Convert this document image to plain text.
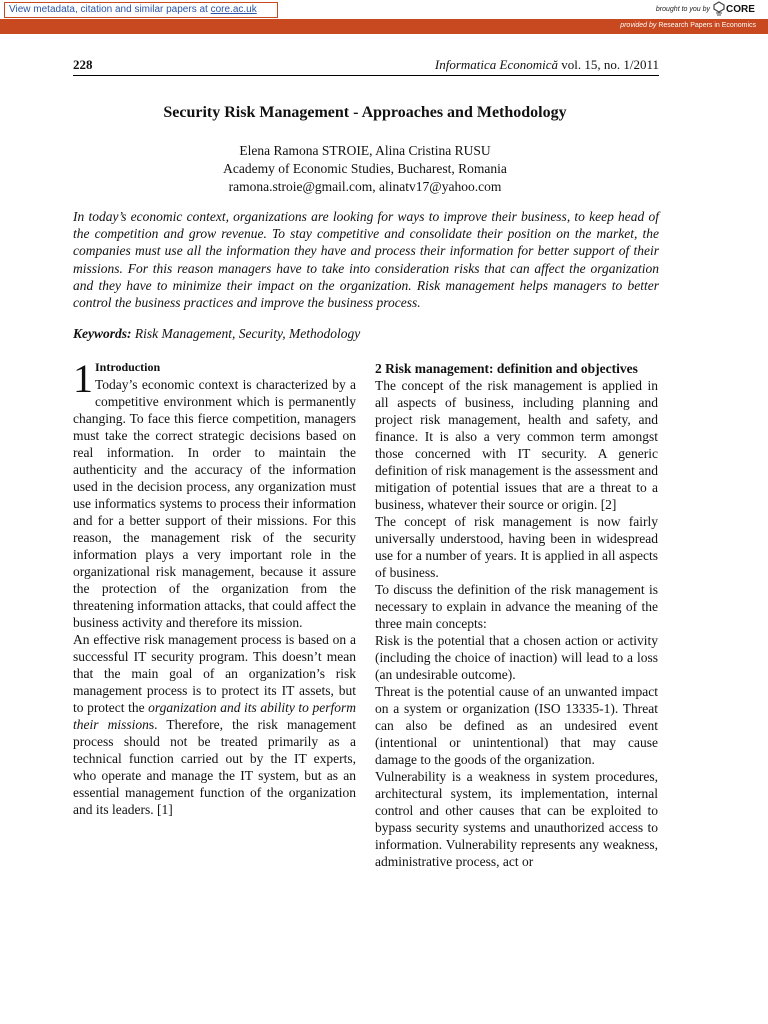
View metadata, citation and similar papers at core.ac.uk	brought to you by CORE
provided by Research Papers in Economics
228	Informatica Economică vol. 15, no. 1/2011
Security Risk Management - Approaches and Methodology
Elena Ramona STROIE, Alina Cristina RUSU
Academy of Economic Studies, Bucharest, Romania
ramona.stroie@gmail.com, alinatv17@yahoo.com
In today’s economic context, organizations are looking for ways to improve their business, to keep head of the competition and grow revenue. To stay competitive and consolidate their position on the market, the companies must use all the information they have and process their information for better support of their missions. For this reason managers have to take into consideration risks that can affect the organization and they have to minimize their impact on the organization. Risk management helps managers to better control the business practices and improve the business process.
Keywords: Risk Management, Security, Methodology
1 Introduction

Today’s economic context is characterized by a competitive environment which is permanently changing. To face this fierce competition, managers must take the correct strategic decisions based on real information. In order to maintain the authenticity and the accuracy of the information used in the decision process, any organization must use informatics systems to process their information and for a better support of their missions. For this reason, the management risk of the security information plays a very important role in the organizational risk management, because it assure the protection of the organization from the threatening information attacks, that could affect the business activity and therefore its mission.

An effective risk management process is based on a successful IT security program. This doesn’t mean that the main goal of an organization’s risk management process is to protect its IT assets, but to protect the organization and its ability to perform their missions. Therefore, the risk management process should not be treated primarily as a technical function carried out by the IT experts, who operate and manage the IT system, but as an essential management function of the organization and its leaders. [1]

2 Risk management: definition and objectives

The concept of the risk management is applied in all aspects of business, including planning and project risk management, health and safety, and finance. It is also a very common term amongst those concerned with IT security. A generic definition of risk management is the assessment and mitigation of potential issues that are a threat to a business, whatever their source or origin. [2]

The concept of risk management is now fairly universally understood, having been in widespread use for a number of years. It is applied in all aspects of business.

To discuss the definition of the risk management is necessary to explain in advance the meaning of the three main concepts:

Risk is the potential that a chosen action or activity (including the choice of inaction) will lead to a loss (an undesirable outcome).

Threat is the potential cause of an unwanted impact on a system or organization (ISO 13335-1). Threat can also be defined as an undesired event (intentional or unintentional) that may cause damage to the goods of the organization.

Vulnerability is a weakness in system procedures, architectural system, its implementation, internal control and other causes that can be exploited to bypass security systems and unauthorized access to information. Vulnerability represents any weakness, administrative process, act or
